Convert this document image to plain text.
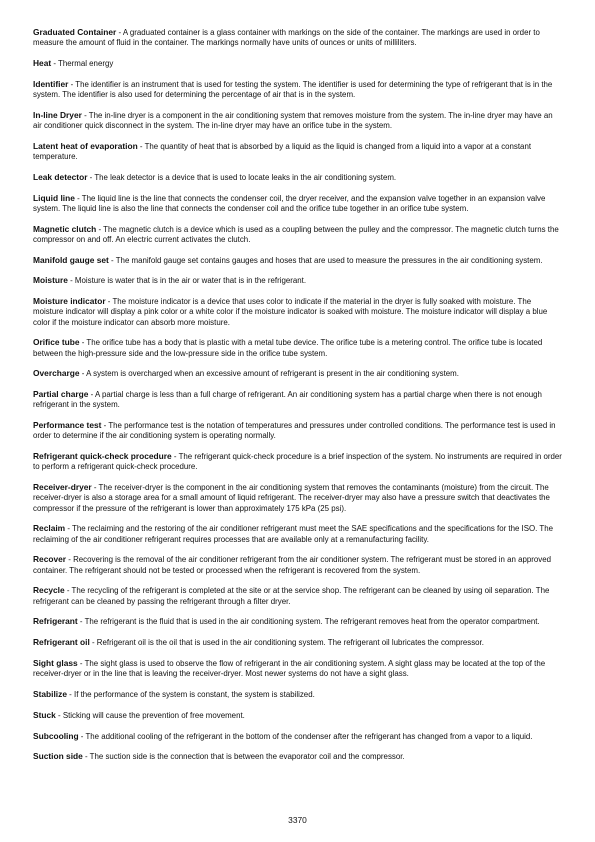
Graduated Container - A graduated container is a glass container with markings on the side of the container. The markings are used in order to measure the amount of fluid in the container. The markings normally have units of ounces or units of milliliters.

Heat - Thermal energy

Identifier - The identifier is an instrument that is used for testing the system. The identifier is used for determining the type of refrigerant that is in the system. The identifier is also used for determining the percentage of air that is in the system.

In-line Dryer - The in-line dryer is a component in the air conditioning system that removes moisture from the system. The in-line dryer may have an air conditioner quick disconnect in the system. The in-line dryer may have an orifice tube in the system.

Latent heat of evaporation - The quantity of heat that is absorbed by a liquid as the liquid is changed from a liquid into a vapor at a constant temperature.

Leak detector - The leak detector is a device that is used to locate leaks in the air conditioning system.

Liquid line - The liquid line is the line that connects the condenser coil, the dryer receiver, and the expansion valve together in an expansion valve system. The liquid line is also the line that connects the condenser coil and the orifice tube together in an orifice tube system.

Magnetic clutch - The magnetic clutch is a device which is used as a coupling between the pulley and the compressor. The magnetic clutch turns the compressor on and off. An electric current activates the clutch.

Manifold gauge set - The manifold gauge set contains gauges and hoses that are used to measure the pressures in the air conditioning system.

Moisture - Moisture is water that is in the air or water that is in the refrigerant.

Moisture indicator - The moisture indicator is a device that uses color to indicate if the material in the dryer is fully soaked with moisture. The moisture indicator will display a pink color or a white color if the moisture indicator is soaked with moisture. The moisture indicator will display a blue color if the moisture indicator can absorb more moisture.

Orifice tube - The orifice tube has a body that is plastic with a metal tube device. The orifice tube is a metering control. The orifice tube is located between the high-pressure side and the low-pressure side in the orifice tube system.

Overcharge - A system is overcharged when an excessive amount of refrigerant is present in the air conditioning system.

Partial charge - A partial charge is less than a full charge of refrigerant. An air conditioning system has a partial charge when there is not enough refrigerant in the system.

Performance test - The performance test is the notation of temperatures and pressures under controlled conditions. The performance test is used in order to determine if the air conditioning system is operating normally.

Refrigerant quick-check procedure - The refrigerant quick-check procedure is a brief inspection of the system. No instruments are required in order to perform a refrigerant quick-check procedure.

Receiver-dryer - The receiver-dryer is the component in the air conditioning system that removes the contaminants (moisture) from the circuit. The receiver-dryer is also a storage area for a small amount of liquid refrigerant. The receiver-dryer may also have a pressure switch that deactivates the compressor if the pressure of the refrigerant is lower than approximately 175 kPa (25 psi).

Reclaim - The reclaiming and the restoring of the air conditioner refrigerant must meet the SAE specifications and the specifications for the ISO. The reclaiming of the air conditioner refrigerant requires processes that are available only at a remanufacturing facility.

Recover - Recovering is the removal of the air conditioner refrigerant from the air conditioner system. The refrigerant must be stored in an approved container. The refrigerant should not be tested or processed when the refrigerant is recovered from the system.

Recycle - The recycling of the refrigerant is completed at the site or at the service shop. The refrigerant can be cleaned by using oil separation. The refrigerant can be cleaned by passing the refrigerant through a filter dryer.

Refrigerant - The refrigerant is the fluid that is used in the air conditioning system. The refrigerant removes heat from the operator compartment.

Refrigerant oil - Refrigerant oil is the oil that is used in the air conditioning system. The refrigerant oil lubricates the compressor.

Sight glass - The sight glass is used to observe the flow of refrigerant in the air conditioning system. A sight glass may be located at the top of the receiver-dryer or in the line that is leaving the receiver-dryer. Most newer systems do not have a sight glass.

Stabilize - If the performance of the system is constant, the system is stabilized.

Stuck - Sticking will cause the prevention of free movement.

Subcooling - The additional cooling of the refrigerant in the bottom of the condenser after the refrigerant has changed from a vapor to a liquid.

Suction side - The suction side is the connection that is between the evaporator coil and the compressor.

3370
